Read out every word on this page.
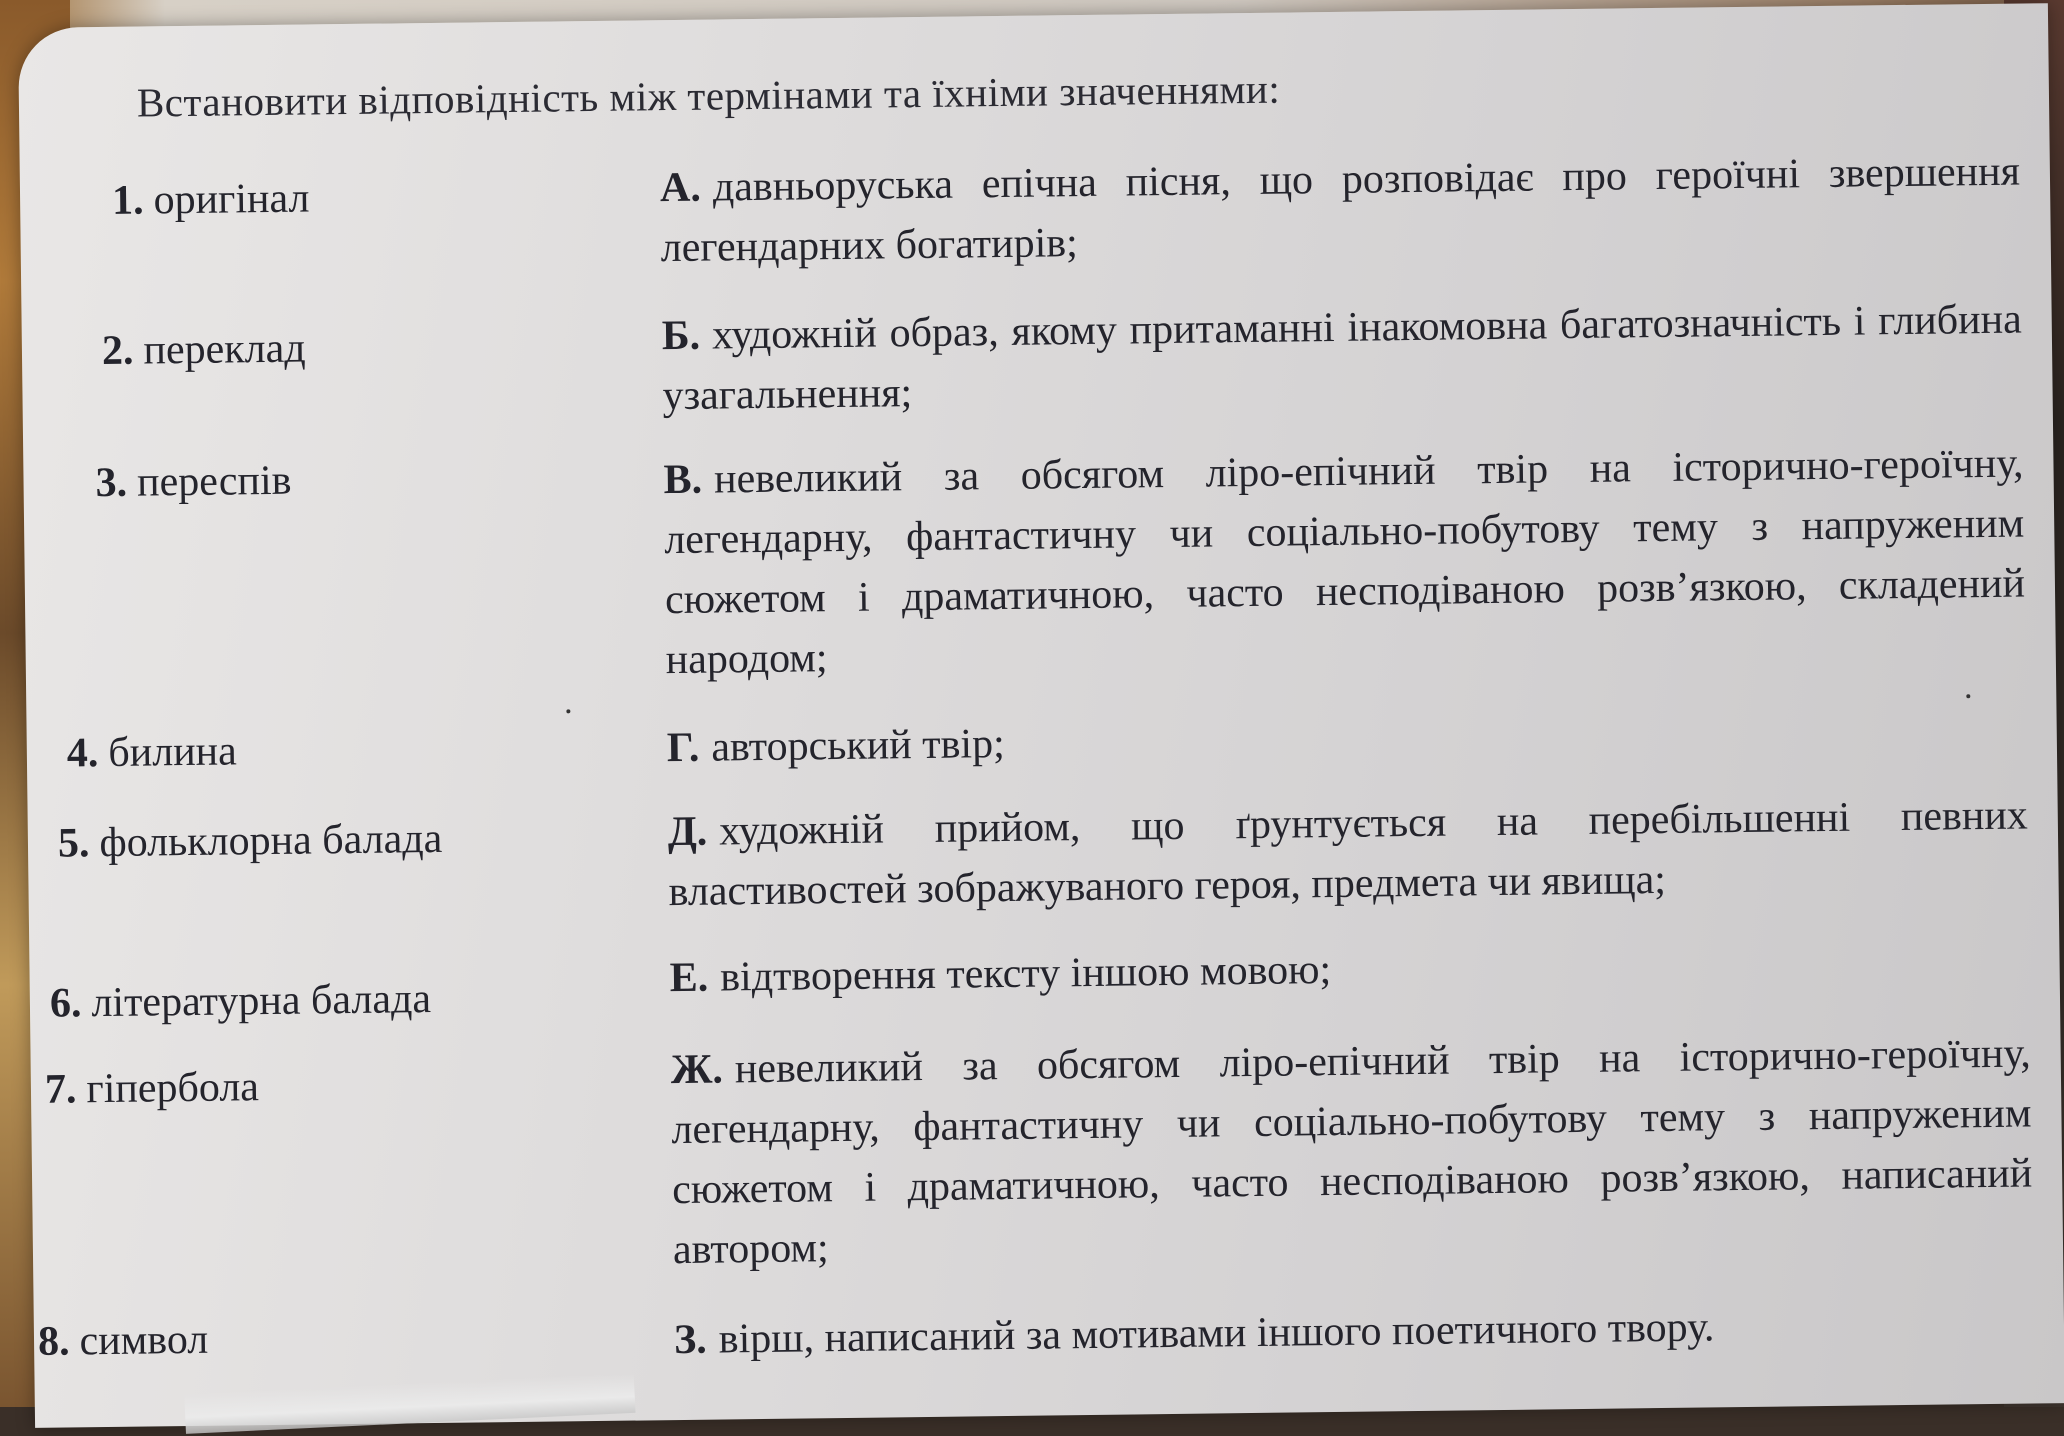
Встановити відповідність між термінами та їхніми значеннями:
1. оригінал
2. переклад
3. переспів
4. билина
5. фольклорна балада
6. літературна балада
7. гіпербола
8. символ
А. давньоруська епічна пісня, що розповідає про героїчні звершення легендарних богатирів;
Б. художній образ, якому притаманні інакомовна багатозначність і глибина узагальнення;
В. невеликий за обсягом ліро-епічний твір на історично-героїчну, легендарну, фантастичну чи соціально-побутову тему з напруженим сюжетом і драматичною, часто несподіваною розв’язкою, складений народом;
Г. авторський твір;
Д. художній прийом, що ґрунтується на перебільшенні певних властивостей зображуваного героя, предмета чи явища;
Е. відтворення тексту іншою мовою;
Ж. невеликий за обсягом ліро-епічний твір на історично-героїчну, легендарну, фантастичну чи соціально-побутову тему з напруженим сюжетом і драматичною, часто несподіваною розв’язкою, написаний автором;
З. вірш, написаний за мотивами іншого поетичного твору.
